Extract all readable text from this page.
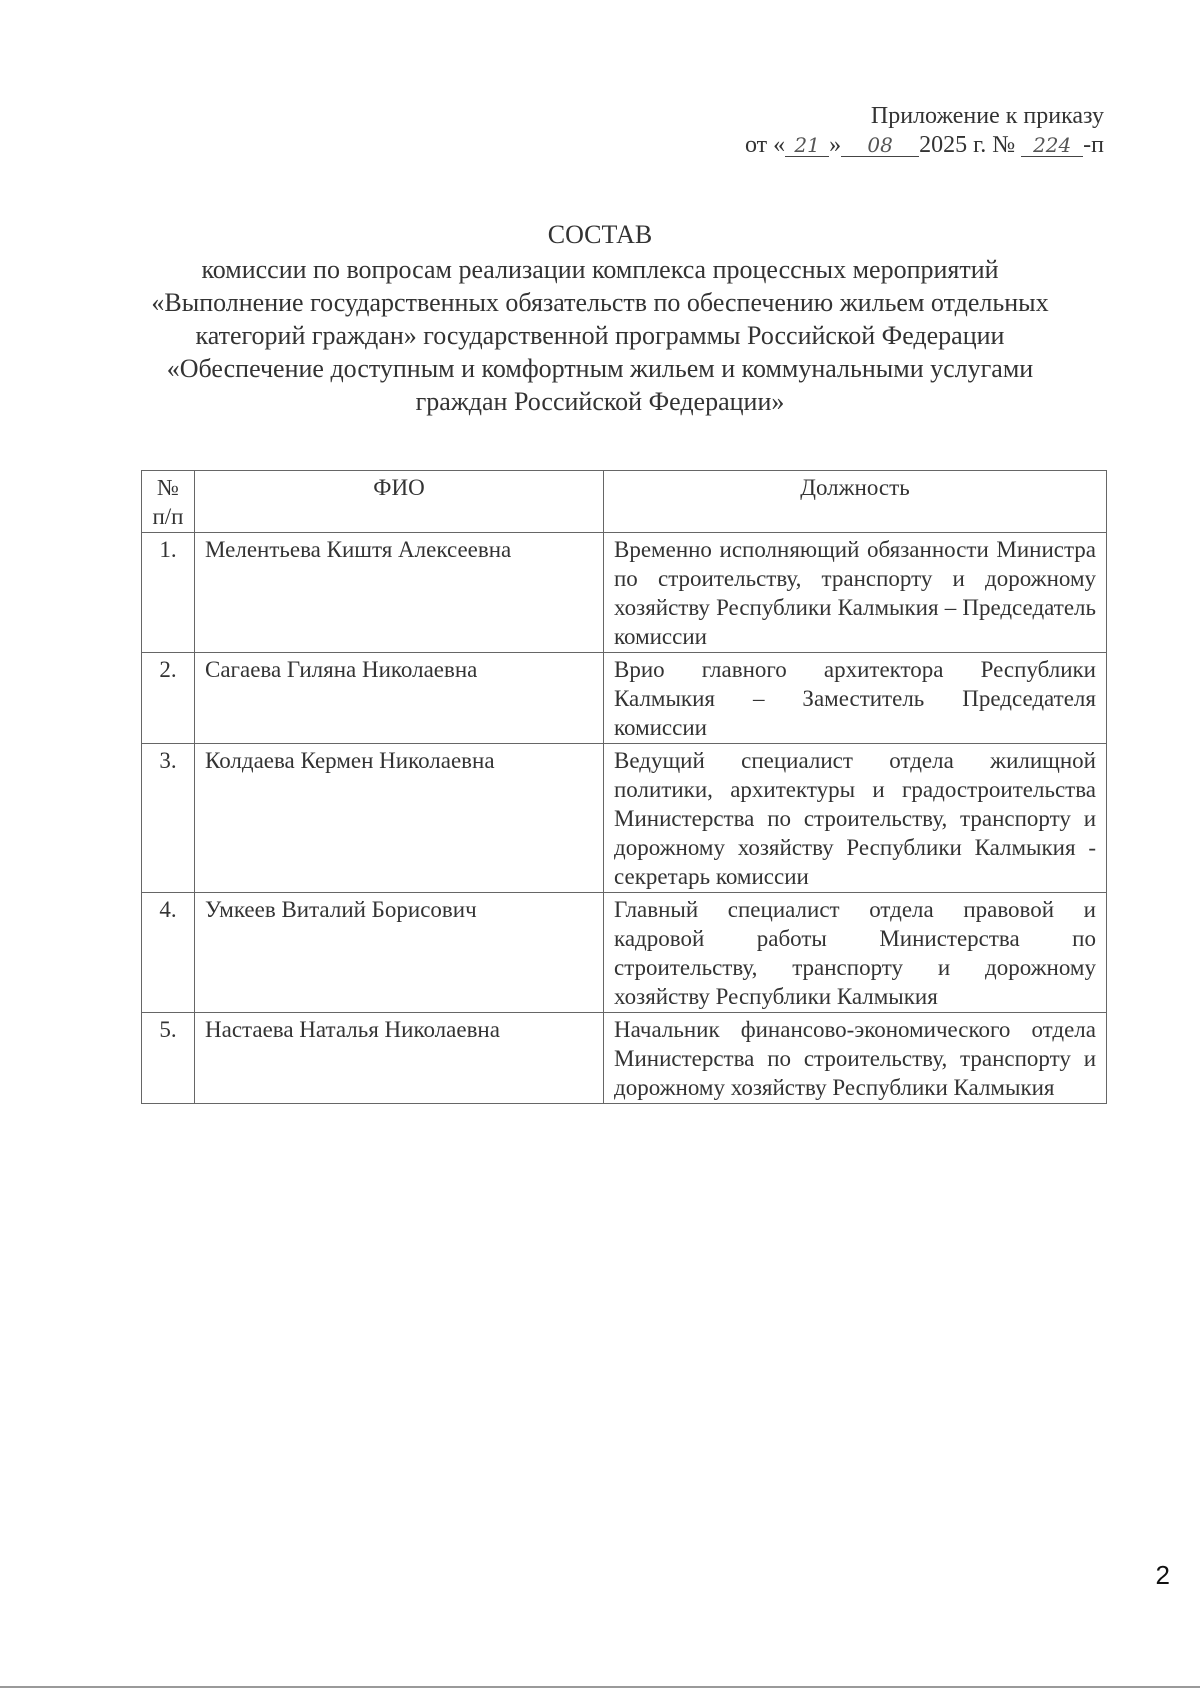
Приложение к приказу
от « 21 » 08 2025 г. № 224 -п
СОСТАВ
комиссии по вопросам реализации комплекса процессных мероприятий «Выполнение государственных обязательств по обеспечению жильем отдельных категорий граждан» государственной программы Российской Федерации «Обеспечение доступным и комфортным жильем и коммунальными услугами граждан Российской Федерации»
№ п/п	ФИО	Должность
1.	Мелентьева Киштя Алексеевна	Временно исполняющий обязанности Министра по строительству, транспорту и дорожному хозяйству Республики Калмыкия – Председатель комиссии
2.	Сагаева Гиляна Николаевна	Врио главного архитектора Республики Калмыкия – Заместитель Председателя комиссии
3.	Колдаева Кермен Николаевна	Ведущий специалист отдела жилищной политики, архитектуры и градостроительства Министерства по строительству, транспорту и дорожному хозяйству Республики Калмыкия - секретарь комиссии
4.	Умкеев Виталий Борисович	Главный специалист отдела правовой и кадровой работы Министерства по строительству, транспорту и дорожному хозяйству Республики Калмыкия
5.	Настаева Наталья Николаевна	Начальник финансово-экономического отдела Министерства по строительству, транспорту и дорожному хозяйству Республики Калмыкия
2
